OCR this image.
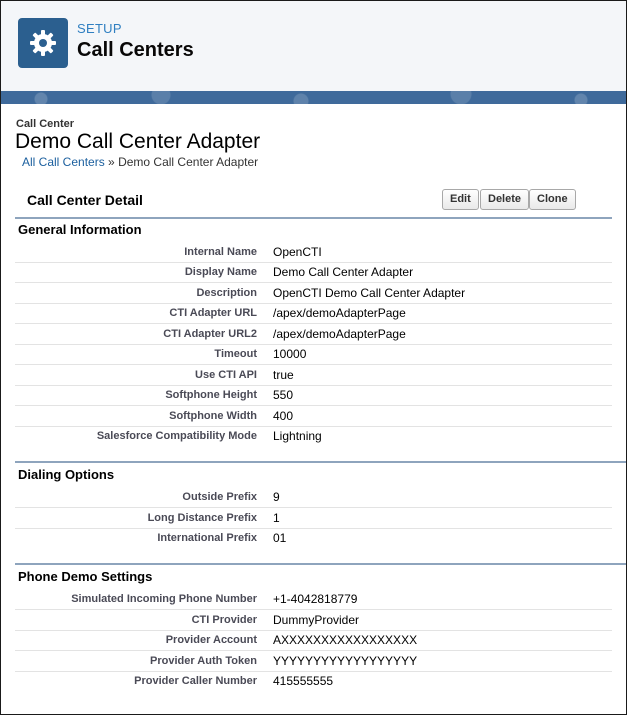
SETUP
Call Centers
Call Center
Demo Call Center Adapter
All Call Centers » Demo Call Center Adapter
Call Center Detail	Edit	Delete	Clone
General Information
Internal Name OpenCTI
Display Name Demo Call Center Adapter
Description OpenCTI Demo Call Center Adapter
CTI Adapter URL /apex/demoAdapterPage
CTI Adapter URL2 /apex/demoAdapterPage
Timeout 10000
Use CTI API true
Softphone Height 550
Softphone Width 400
Salesforce Compatibility Mode Lightning
Dialing Options
Outside Prefix 9
Long Distance Prefix 1
International Prefix 01
Phone Demo Settings
Simulated Incoming Phone Number +1-4042818779
CTI Provider DummyProvider
Provider Account AXXXXXXXXXXXXXXXXX
Provider Auth Token YYYYYYYYYYYYYYYYYY
Provider Caller Number 415555555
